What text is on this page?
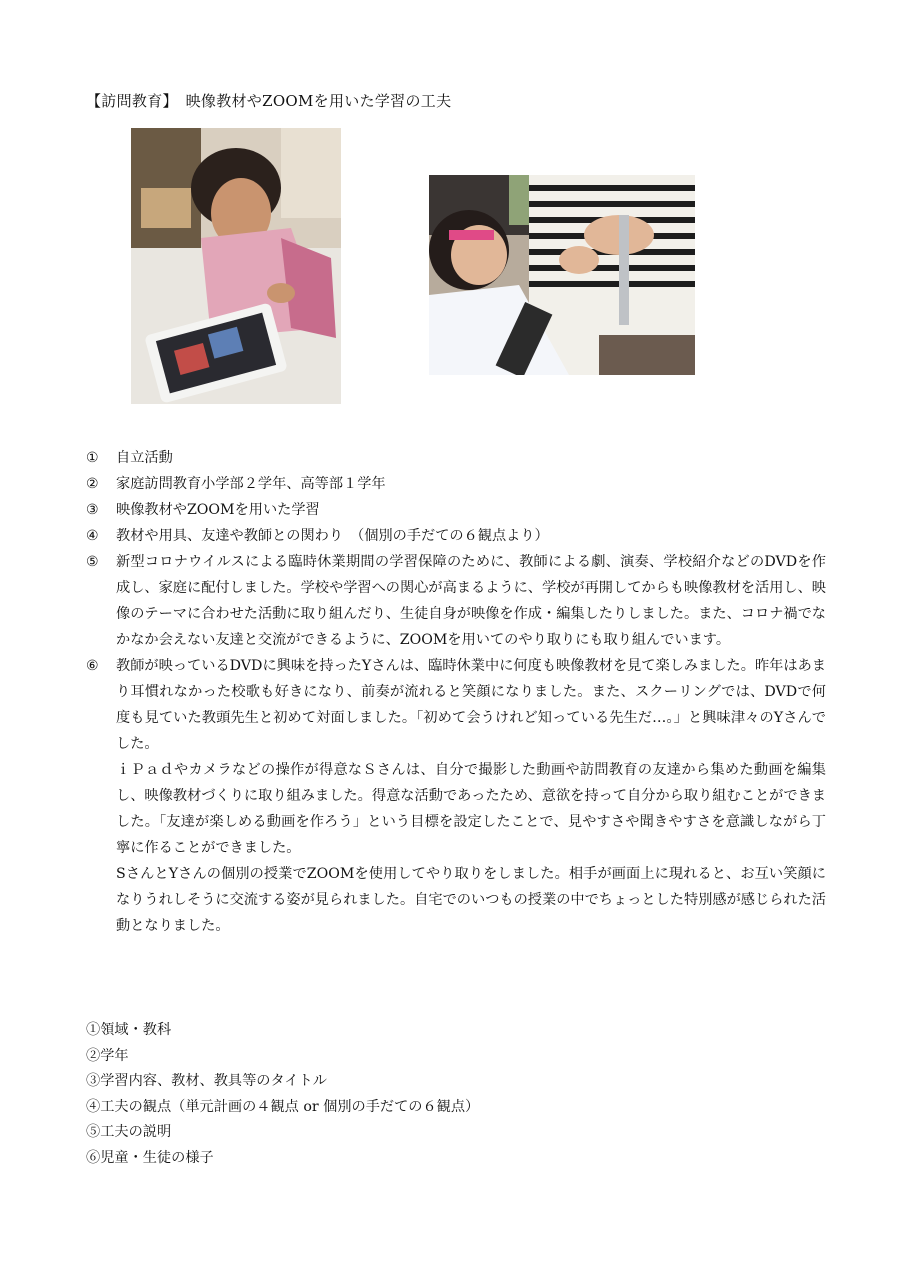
【訪問教育】　映像教材やZOOMを用いた学習の工夫
①	自立活動

②	家庭訪問教育小学部２学年、高等部１学年

③	映像教材やZOOMを用いた学習

④	教材や用具、友達や教師との関わり　（個別の手だての６観点より）

⑤	新型コロナウイルスによる臨時休業期間の学習保障のために、教師による劇、演奏、学校紹介などのDVDを作成し、家庭に配付しました。学校や学習への関心が高まるように、学校が再開してからも映像教材を活用し、映像のテーマに合わせた活動に取り組んだり、生徒自身が映像を作成・編集したりしました。また、コロナ禍でなかなか会えない友達と交流ができるように、ZOOMを用いてのやり取りにも取り組んでいます。

⑥	教師が映っているDVDに興味を持ったYさんは、臨時休業中に何度も映像教材を見て楽しみました。昨年はあまり耳慣れなかった校歌も好きになり、前奏が流れると笑顔になりました。また、スクーリングでは、DVDで何度も見ていた教頭先生と初めて対面しました。「初めて会うけれど知っている先生だ…。」と興味津々のYさんでした。

ｉＰａｄやカメラなどの操作が得意なＳさんは、自分で撮影した動画や訪問教育の友達から集めた動画を編集し、映像教材づくりに取り組みました。得意な活動であったため、意欲を持って自分から取り組むことができました。「友達が楽しめる動画を作ろう」という目標を設定したことで、見やすさや聞きやすさを意識しながら丁寧に作ることができました。

SさんとYさんの個別の授業でZOOMを使用してやり取りをしました。相手が画面上に現れると、お互い笑顔になりうれしそうに交流する姿が見られました。自宅でのいつもの授業の中でちょっとした特別感が感じられた活動となりました。

①領域・教科
②学年
③学習内容、教材、教具等のタイトル
④工夫の観点（単元計画の４観点 or 個別の手だての６観点）
⑤工夫の説明
⑥児童・生徒の様子
